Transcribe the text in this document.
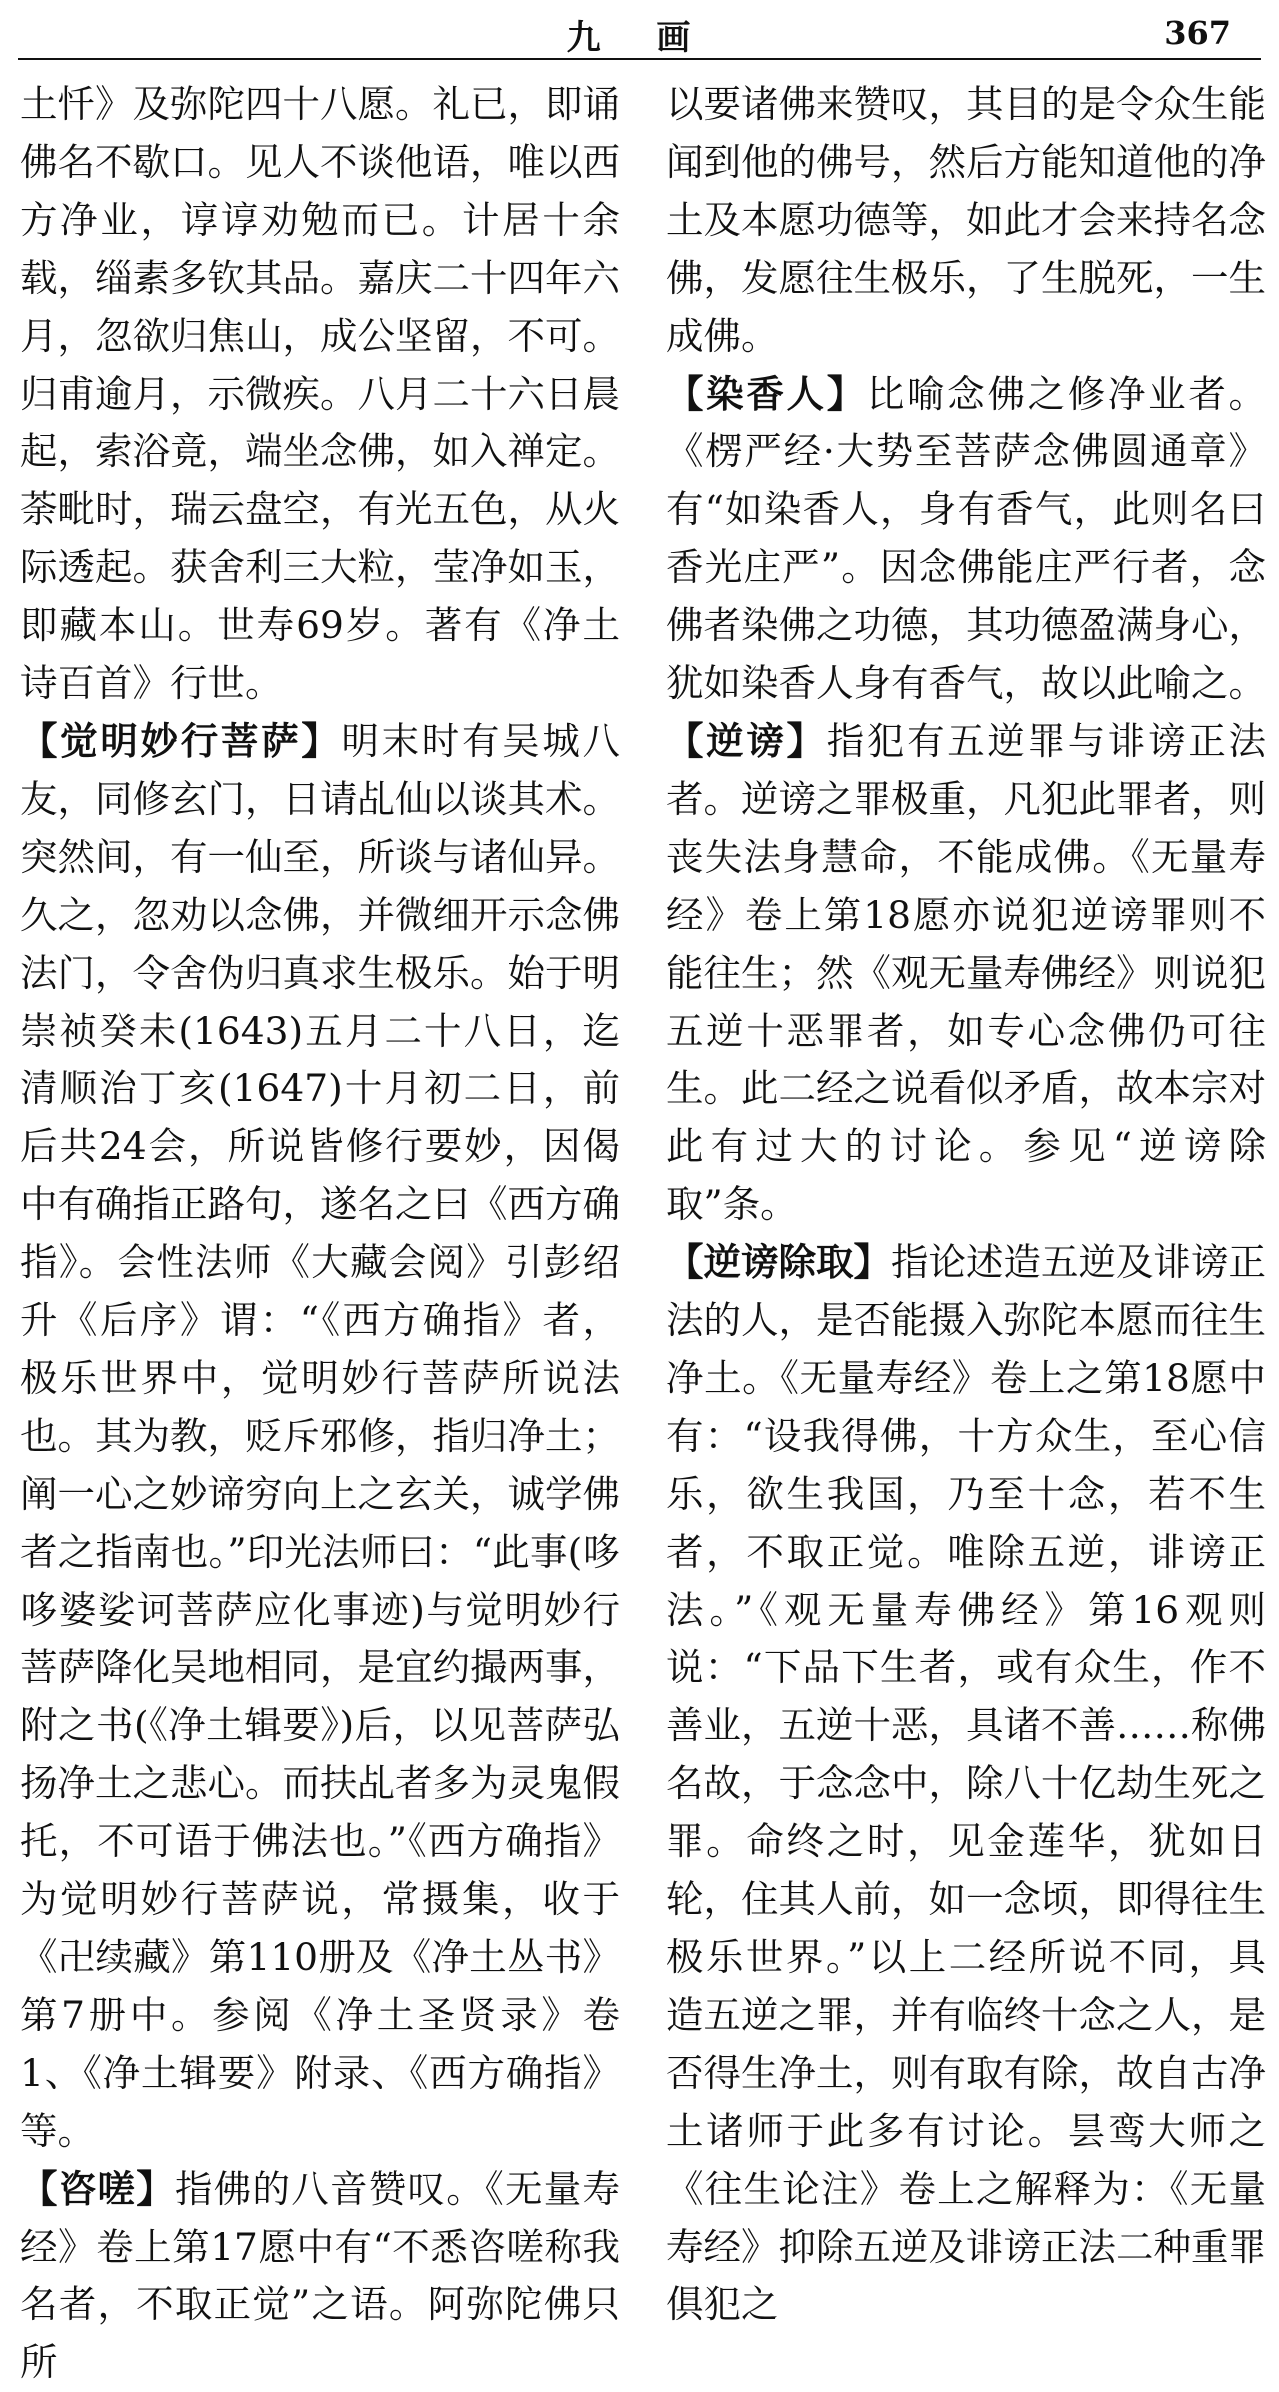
九 画	367

土忏》及弥陀四十八愿。礼已，即诵佛名不歇口。见人不谈他语，唯以西方净业，谆谆劝勉而已。计居十余载，缁素多钦其品。嘉庆二十四年六月，忽欲归焦山，成公坚留，不可。归甫逾月，示微疾。八月二十六日晨起，索浴竟，端坐念佛，如入禅定。荼毗时，瑞云盘空，有光五色，从火际透起。获舍利三大粒，莹净如玉，即藏本山。世寿69岁。著有《净土诗百首》行世。

【觉明妙行菩萨】明末时有吴城八友，同修玄门，日请乩仙以谈其术。突然间，有一仙至，所谈与诸仙异。久之，忽劝以念佛，并微细开示念佛法门，令舍伪归真求生极乐。始于明崇祯癸未(1643)五月二十八日，迄清顺治丁亥(1647)十月初二日，前后共24会，所说皆修行要妙，因偈中有确指正路句，遂名之曰《西方确指》。会性法师《大藏会阅》引彭绍升《后序》谓：“《西方确指》者，极乐世界中，觉明妙行菩萨所说法也。其为教，贬斥邪修，指归净土；阐一心之妙谛穷向上之玄关，诚学佛者之指南也。”印光法师曰：“此事(哆哆婆娑诃菩萨应化事迹)与觉明妙行菩萨降化吴地相同，是宜约撮两事，附之书(《净土辑要》)后，以见菩萨弘扬净土之悲心。而扶乩者多为灵鬼假托，不可语于佛法也。”《西方确指》为觉明妙行菩萨说，常摄集，收于《卍续藏》第110册及《净土丛书》第7册中。参阅《净土圣贤录》卷1、《净土辑要》附录、《西方确指》等。

【咨嗟】指佛的八音赞叹。《无量寿经》卷上第17愿中有“不悉咨嗟称我名者，不取正觉”之语。阿弥陀佛只所

以要诸佛来赞叹，其目的是令众生能闻到他的佛号，然后方能知道他的净土及本愿功德等，如此才会来持名念佛，发愿往生极乐，了生脱死，一生成佛。

【染香人】比喻念佛之修净业者。《楞严经·大势至菩萨念佛圆通章》有“如染香人，身有香气，此则名曰香光庄严”。因念佛能庄严行者，念佛者染佛之功德，其功德盈满身心，犹如染香人身有香气，故以此喻之。

【逆谤】指犯有五逆罪与诽谤正法者。逆谤之罪极重，凡犯此罪者，则丧失法身慧命，不能成佛。《无量寿经》卷上第18愿亦说犯逆谤罪则不能往生；然《观无量寿佛经》则说犯五逆十恶罪者，如专心念佛仍可往生。此二经之说看似矛盾，故本宗对此有过大的讨论。参见“逆谤除取”条。

【逆谤除取】指论述造五逆及诽谤正法的人，是否能摄入弥陀本愿而往生净土。《无量寿经》卷上之第18愿中有：“设我得佛，十方众生，至心信乐，欲生我国，乃至十念，若不生者，不取正觉。唯除五逆，诽谤正法。”《观无量寿佛经》第16观则说：“下品下生者，或有众生，作不善业，五逆十恶，具诸不善……称佛名故，于念念中，除八十亿劫生死之罪。命终之时，见金莲华，犹如日轮，住其人前，如一念顷，即得往生极乐世界。”以上二经所说不同，具造五逆之罪，并有临终十念之人，是否得生净土，则有取有除，故自古净土诸师于此多有讨论。昙鸾大师之《往生论注》卷上之解释为：《无量寿经》抑除五逆及诽谤正法二种重罪俱犯之
